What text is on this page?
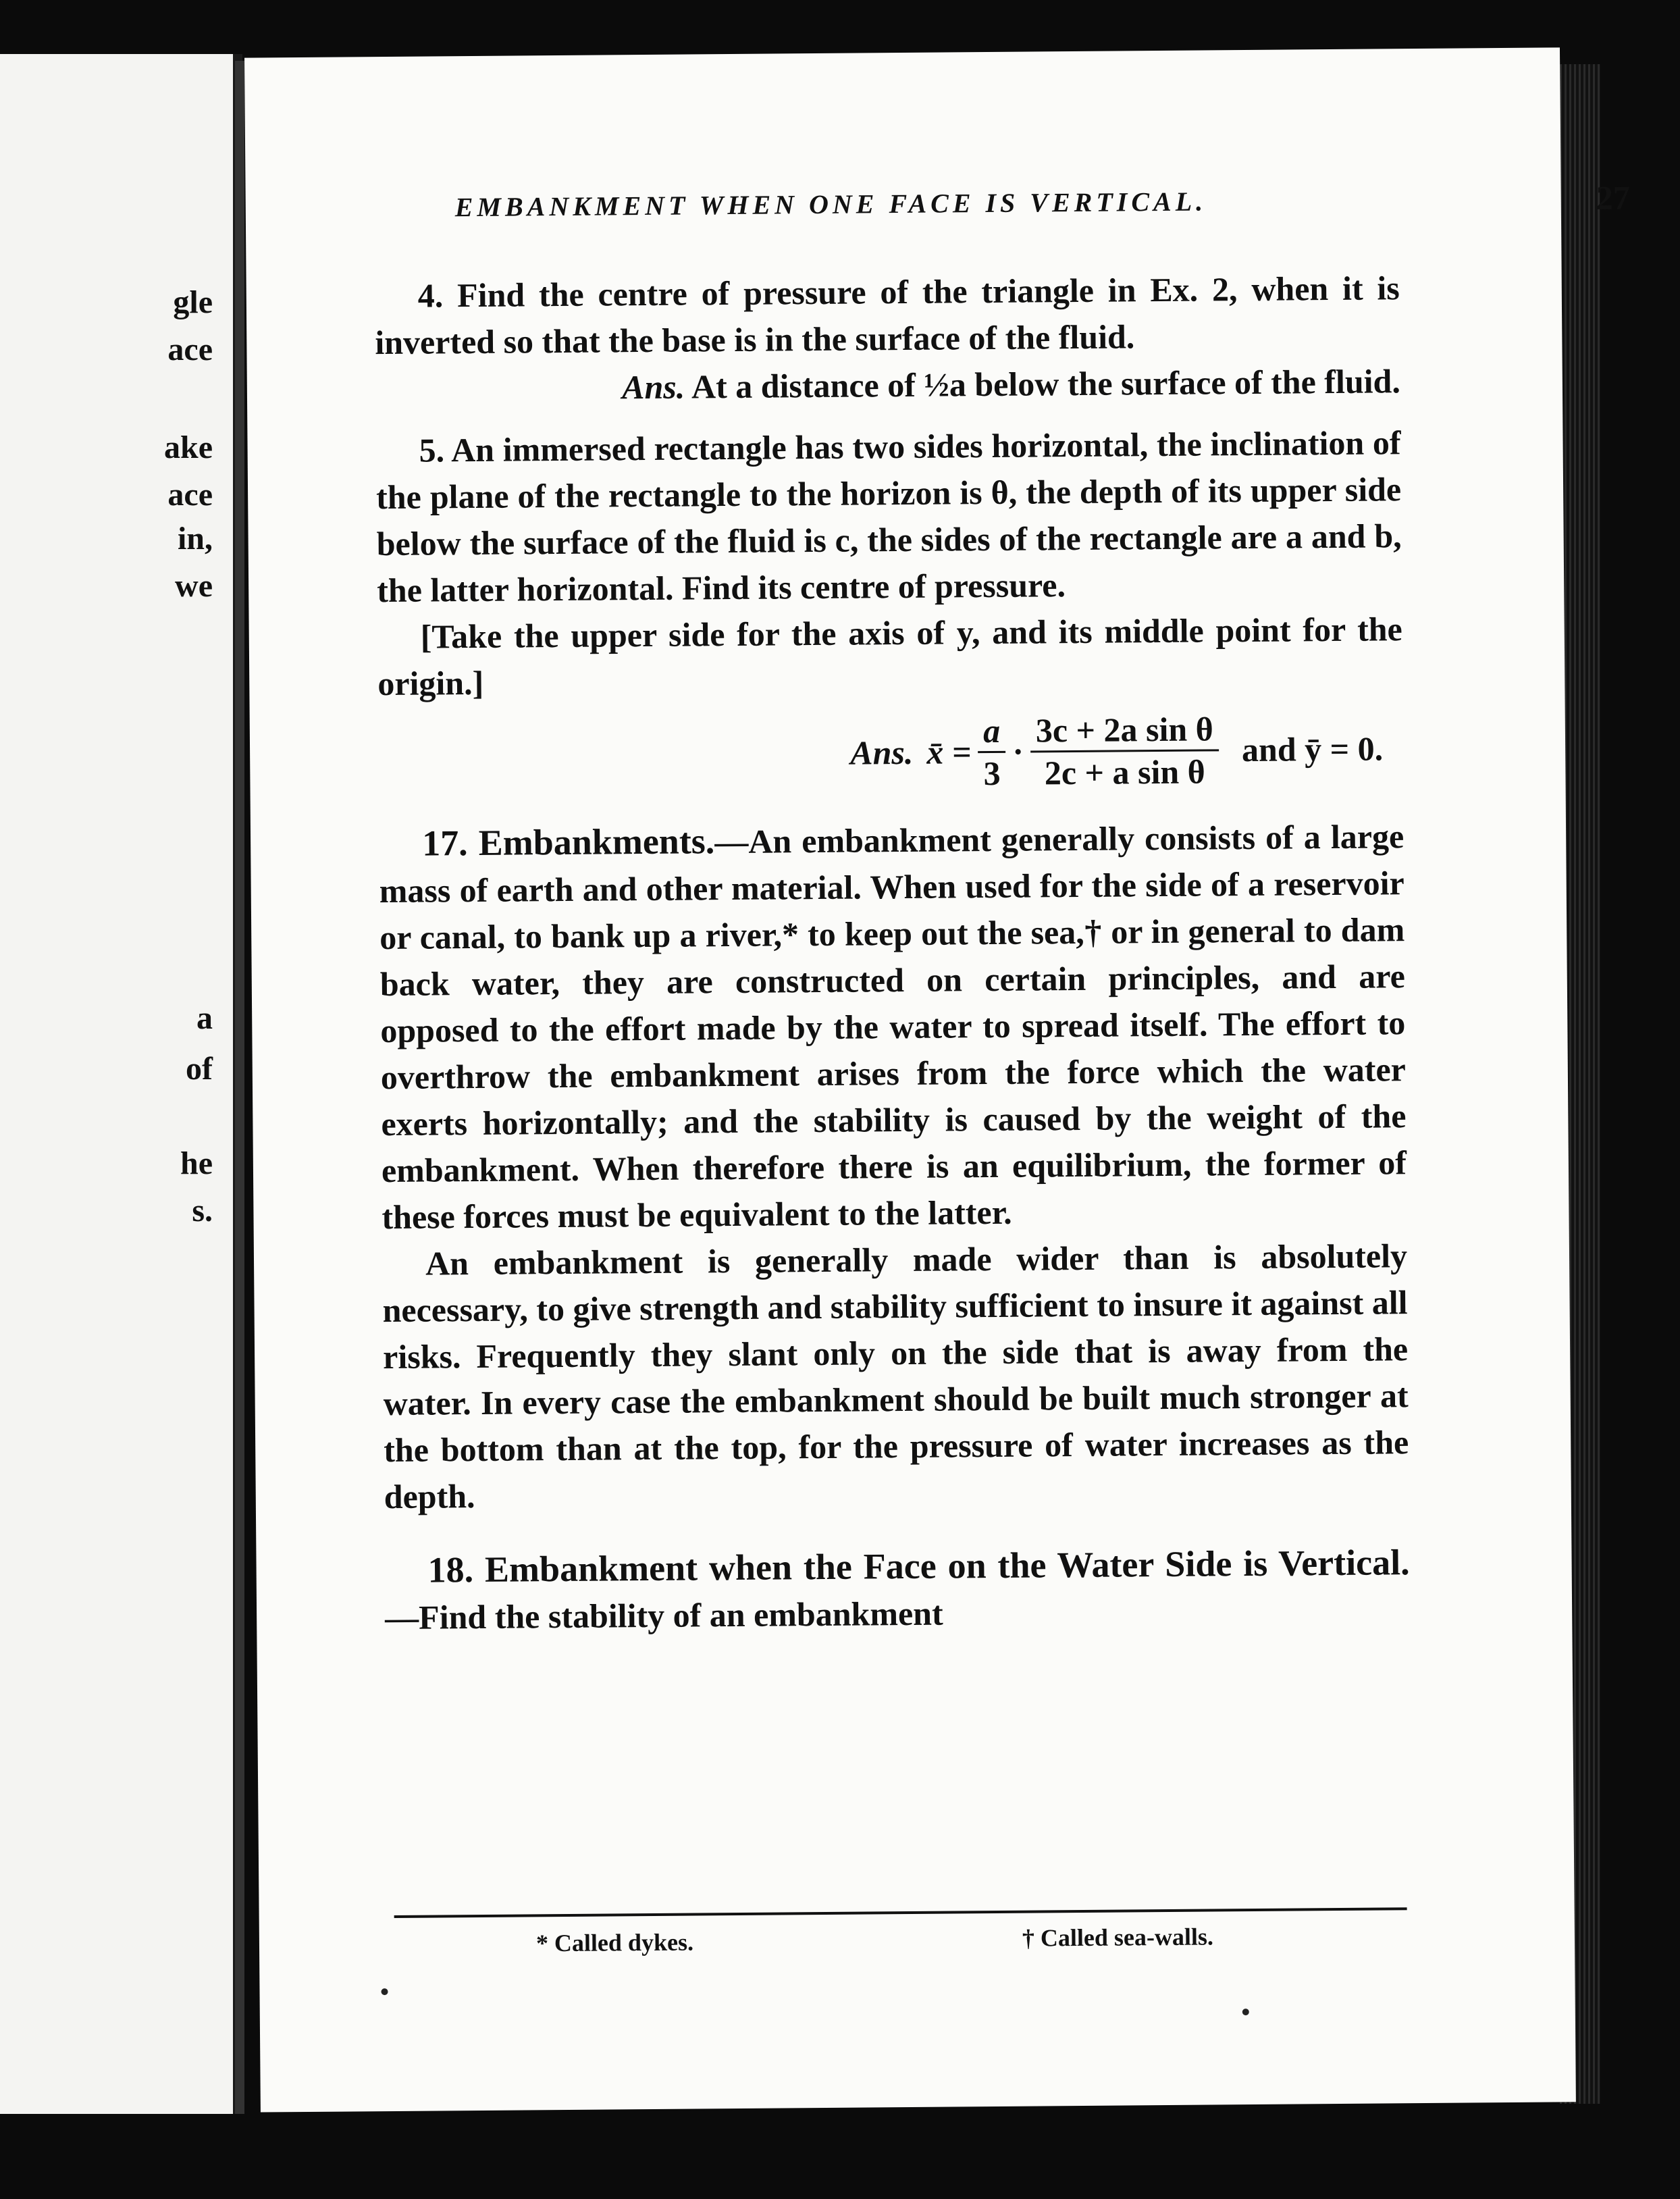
gle
ace
ake
ace
in,
we
a
of
he
s.
EMBANKMENT WHEN ONE FACE IS VERTICAL.	27

4. Find the centre of pressure of the triangle in Ex. 2, when it is inverted so that the base is in the surface of the fluid.

Ans. At a distance of ½a below the surface of the fluid.

5. An immersed rectangle has two sides horizontal, the inclination of the plane of the rectangle to the horizon is θ, the depth of its upper side below the surface of the fluid is c, the sides of the rectangle are a and b, the latter horizontal. Find its centre of pressure.

[Take the upper side for the axis of y, and its middle point for the origin.]

Ans. x̄ = $\frac{a}{3} \cdot \frac{\text{3c + 2a sin θ}}{\text{2c + a sin θ}}$ and ȳ = 0.

17. Embankments.—An embankment generally consists of a large mass of earth and other material. When used for the side of a reservoir or canal, to bank up a river,* to keep out the sea,† or in general to dam back water, they are constructed on certain principles, and are opposed to the effort made by the water to spread itself. The effort to overthrow the embankment arises from the force which the water exerts horizontally; and the stability is caused by the weight of the embankment. When therefore there is an equilibrium, the former of these forces must be equivalent to the latter.

An embankment is generally made wider than is absolutely necessary, to give strength and stability sufficient to insure it against all risks. Frequently they slant only on the side that is away from the water. In every case the embankment should be built much stronger at the bottom than at the top, for the pressure of water increases as the depth.

18. Embankment when the Face on the Water Side is Vertical.—Find the stability of an embankment

* Called dykes.	† Called sea-walls.
